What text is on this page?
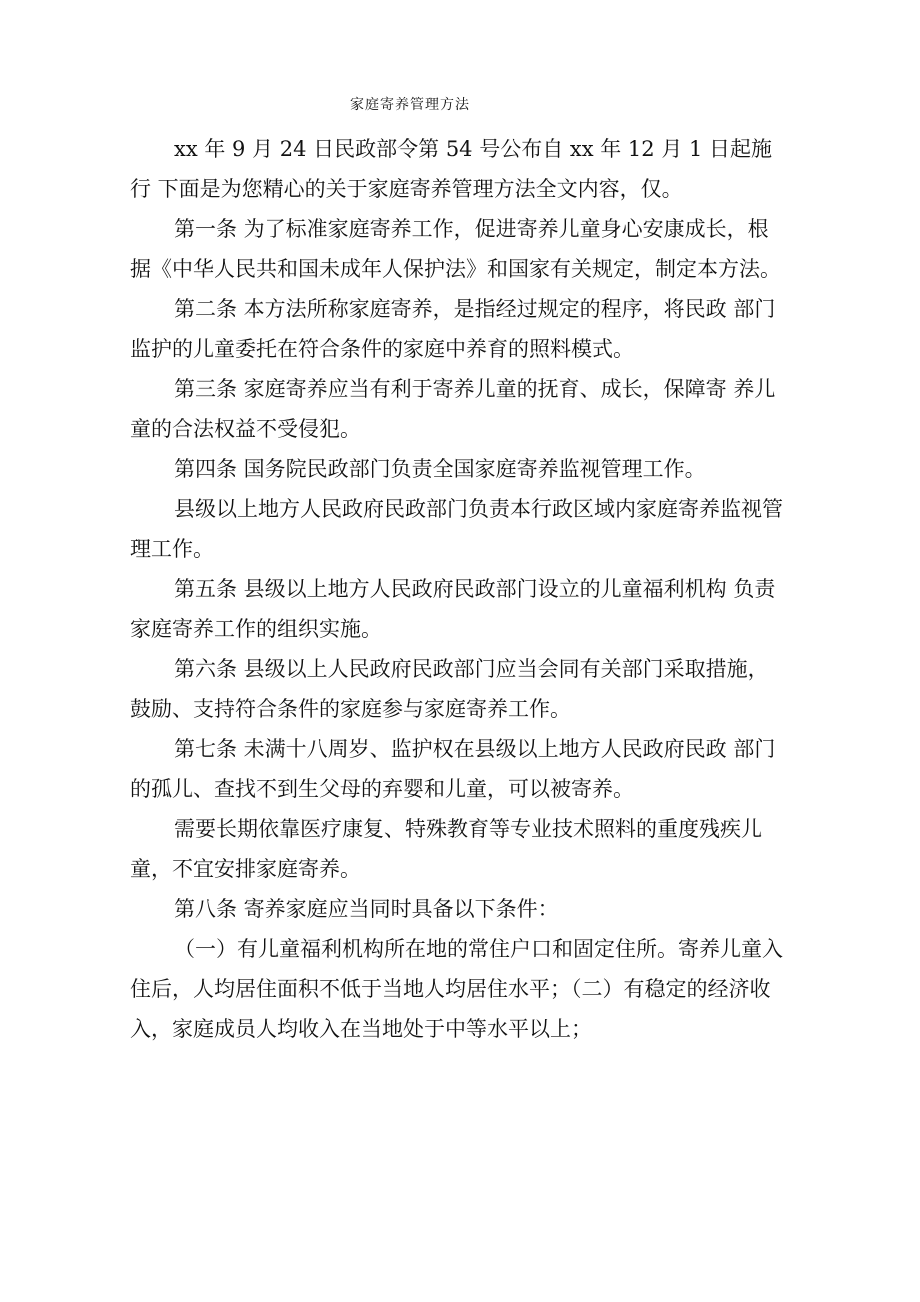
家庭寄养管理方法

xx 年 9 月 24 日民政部令第 54 号公布自 xx 年 12 月 1 日起施行 下面是为您精心的关于家庭寄养管理方法全文内容，仅。

第一条 为了标准家庭寄养工作，促进寄养儿童身心安康成长，根据《中华人民共和国未成年人保护法》和国家有关规定，制定本方法。

第二条 本方法所称家庭寄养，是指经过规定的程序，将民政 部门监护的儿童委托在符合条件的家庭中养育的照料模式。

第三条 家庭寄养应当有利于寄养儿童的抚育、成长，保障寄 养儿童的合法权益不受侵犯。

第四条 国务院民政部门负责全国家庭寄养监视管理工作。

县级以上地方人民政府民政部门负责本行政区域内家庭寄养监视管理工作。

第五条 县级以上地方人民政府民政部门设立的儿童福利机构 负责家庭寄养工作的组织实施。

第六条 县级以上人民政府民政部门应当会同有关部门采取措施，鼓励、支持符合条件的家庭参与家庭寄养工作。

第七条 未满十八周岁、监护权在县级以上地方人民政府民政 部门的孤儿、查找不到生父母的弃婴和儿童，可以被寄养。

需要长期依靠医疗康复、特殊教育等专业技术照料的重度残疾儿童，不宜安排家庭寄养。

第八条 寄养家庭应当同时具备以下条件：

（一）有儿童福利机构所在地的常住户口和固定住所。寄养儿童入住后，人均居住面积不低于当地人均居住水平；（二）有稳定的经济收入，家庭成员人均收入在当地处于中等水平以上；
